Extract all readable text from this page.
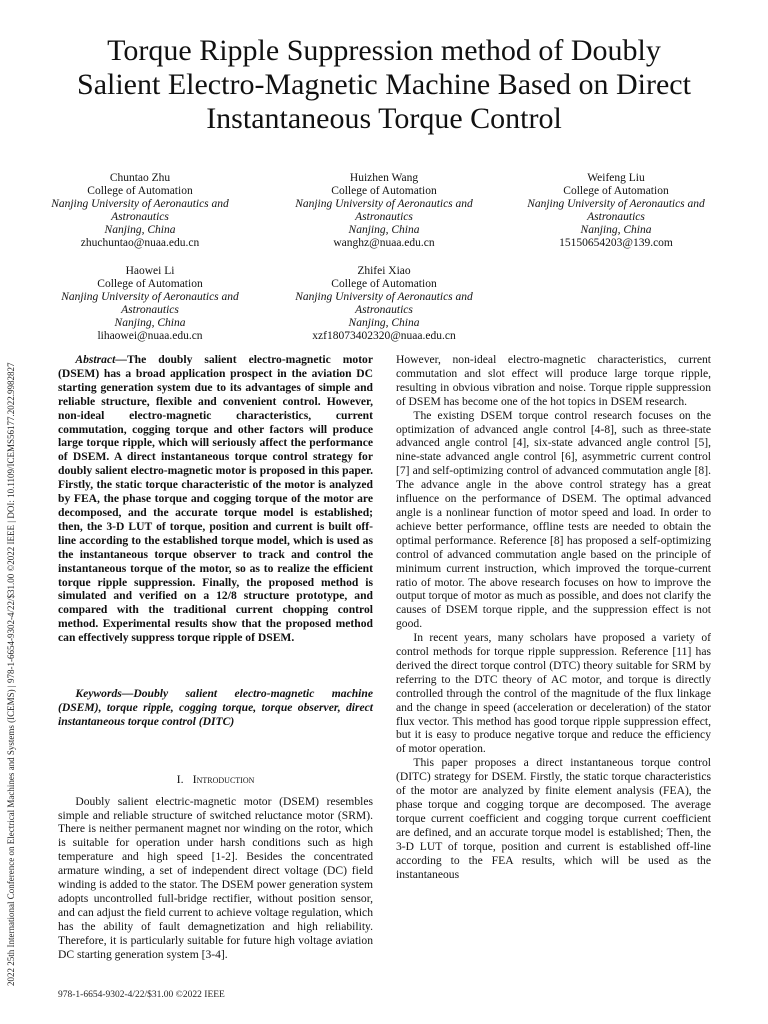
2022 25th International Conference on Electrical Machines and Systems (ICEMS) | 978-1-6654-9302-4/22/$31.00 ©2022 IEEE | DOI: 10.1109/ICEMS56177.2022.9982827
Torque Ripple Suppression method of Doubly
Salient Electro-Magnetic Machine Based on Direct
Instantaneous Torque Control
Chuntao Zhu
College of Automation
Nanjing University of Aeronautics and
Astronautics
Nanjing, China
zhuchuntao@nuaa.edu.cn
Huizhen Wang
College of Automation
Nanjing University of Aeronautics and
Astronautics
Nanjing, China
wanghz@nuaa.edu.cn
Weifeng Liu
College of Automation
Nanjing University of Aeronautics and
Astronautics
Nanjing, China
15150654203@139.com
Haowei Li
College of Automation
Nanjing University of Aeronautics and
Astronautics
Nanjing, China
lihaowei@nuaa.edu.cn
Zhifei Xiao
College of Automation
Nanjing University of Aeronautics and
Astronautics
Nanjing, China
xzf18073402320@nuaa.edu.cn

Abstract—The doubly salient electro-magnetic motor (DSEM) has a broad application prospect in the aviation DC starting generation system due to its advantages of simple and reliable structure, flexible and convenient control. However, non-ideal electro-magnetic characteristics, current commutation, cogging torque and other factors will produce large torque ripple, which will seriously affect the performance of DSEM. A direct instantaneous torque control strategy for doubly salient electro-magnetic motor is proposed in this paper. Firstly, the static torque characteristic of the motor is analyzed by FEA, the phase torque and cogging torque of the motor are decomposed, and the accurate torque model is established; then, the 3-D LUT of torque, position and current is built off-line according to the established torque model, which is used as the instantaneous torque observer to track and control the instantaneous torque of the motor, so as to realize the efficient torque ripple suppression. Finally, the proposed method is simulated and verified on a 12/8 structure prototype, and compared with the traditional current chopping control method. Experimental results show that the proposed method can effectively suppress torque ripple of DSEM.

Keywords—Doubly salient electro-magnetic machine (DSEM), torque ripple, cogging torque, torque observer, direct instantaneous torque control (DITC)

I. Introduction

Doubly salient electric-magnetic motor (DSEM) resembles simple and reliable structure of switched reluctance motor (SRM). There is neither permanent magnet nor winding on the rotor, which is suitable for operation under harsh conditions such as high temperature and high speed [1-2]. Besides the concentrated armature winding, a set of independent direct voltage (DC) field winding is added to the stator. The DSEM power generation system adopts uncontrolled full-bridge rectifier, without position sensor, and can adjust the field current to achieve voltage regulation, which has the ability of fault demagnetization and high reliability. Therefore, it is particularly suitable for future high voltage aviation DC starting generation system [3-4].

However, non-ideal electro-magnetic characteristics, current commutation and slot effect will produce large torque ripple, resulting in obvious vibration and noise. Torque ripple suppression of DSEM has become one of the hot topics in DSEM research.

The existing DSEM torque control research focuses on the optimization of advanced angle control [4-8], such as three-state advanced angle control [4], six-state advanced angle control [5], nine-state advanced angle control [6], asymmetric current control [7] and self-optimizing control of advanced commutation angle [8]. The advance angle in the above control strategy has a great influence on the performance of DSEM. The optimal advanced angle is a nonlinear function of motor speed and load. In order to achieve better performance, offline tests are needed to obtain the optimal performance. Reference [8] has proposed a self-optimizing control of advanced commutation angle based on the principle of minimum current instruction, which improved the torque-current ratio of motor. The above research focuses on how to improve the output torque of motor as much as possible, and does not clarify the causes of DSEM torque ripple, and the suppression effect is not good.

In recent years, many scholars have proposed a variety of control methods for torque ripple suppression. Reference [11] has derived the direct torque control (DTC) theory suitable for SRM by referring to the DTC theory of AC motor, and torque is directly controlled through the control of the magnitude of the flux linkage and the change in speed (acceleration or deceleration) of the stator flux vector. This method has good torque ripple suppression effect, but it is easy to produce negative torque and reduce the efficiency of motor operation.

This paper proposes a direct instantaneous torque control (DITC) strategy for DSEM. Firstly, the static torque characteristics of the motor are analyzed by finite element analysis (FEA), the phase torque and cogging torque are decomposed. The average torque current coefficient and cogging torque current coefficient are defined, and an accurate torque model is established; Then, the 3-D LUT of torque, position and current is established off-line according to the FEA results, which will be used as the instantaneous

978-1-6654-9302-4/22/$31.00 ©2022 IEEE
